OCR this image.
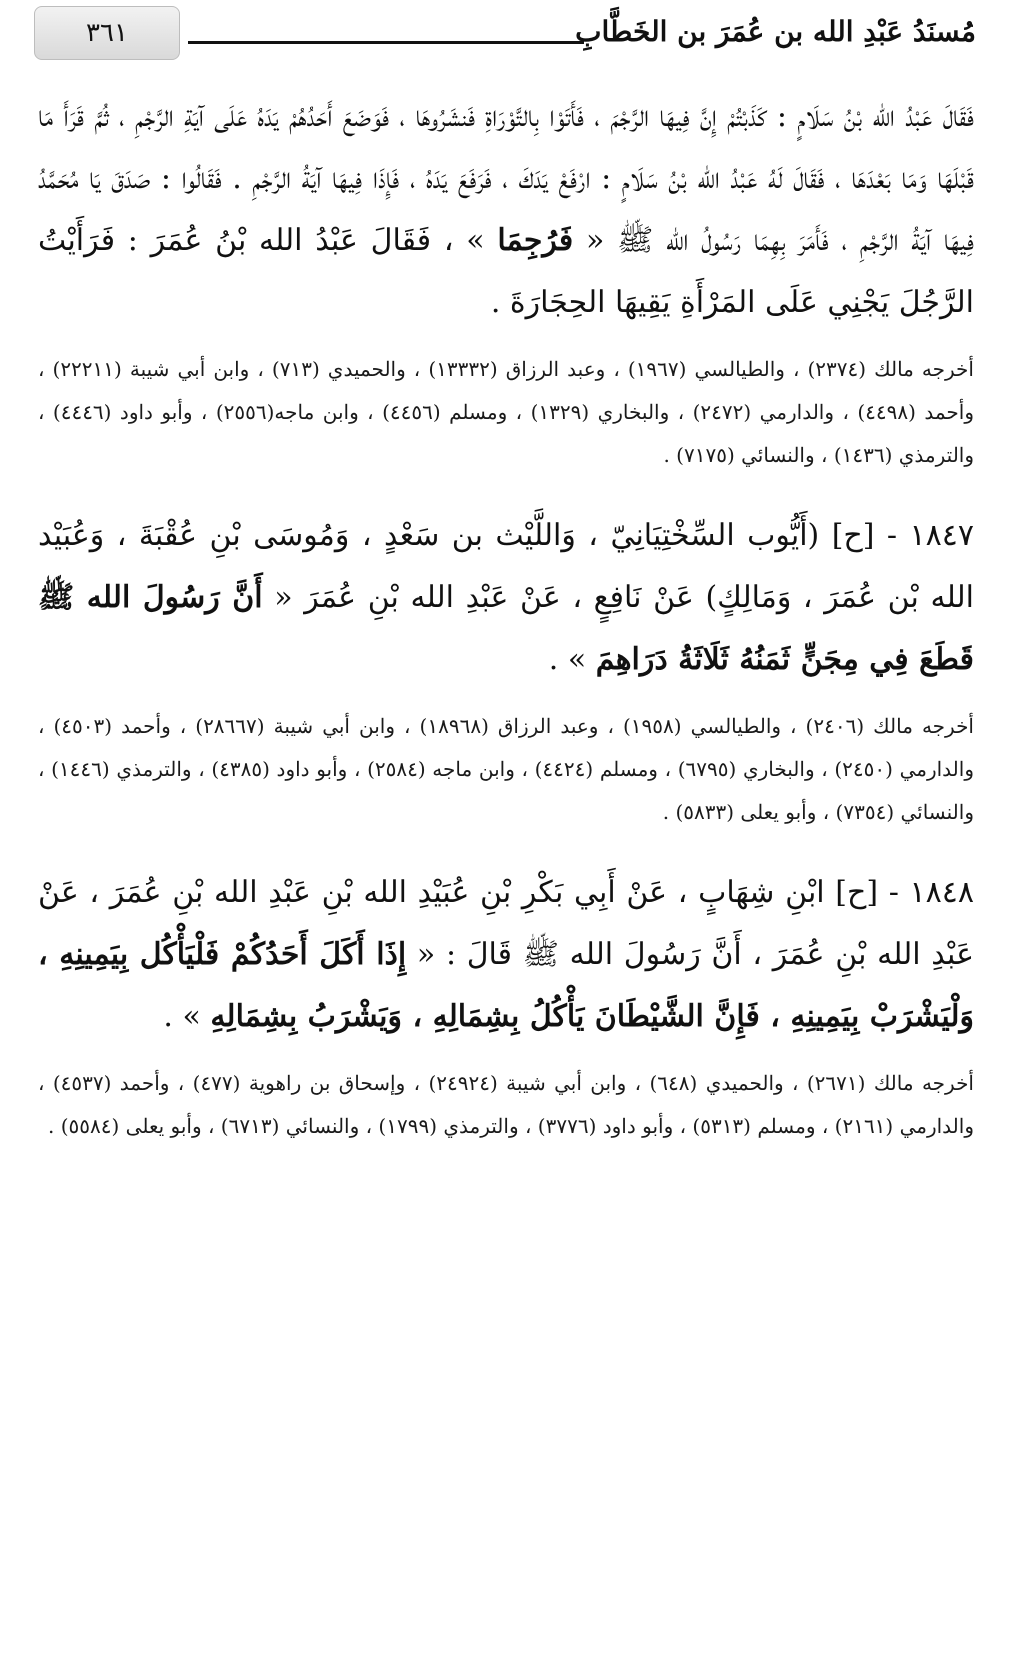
مُسنَدُ عَبْدِ الله بن عُمَرَ بن الخَطَّابِ
٣٦١

فَقَالَ عَبْدُ الله بْنُ سَلَامٍ : كَذَبْتُمْ إِنَّ فِيهَا الرَّجْمَ ، فَأَتَوْا بِالتَّوْرَاةِ فَنشَرُوهَا ، فَوَضَعَ أَحَدُهُمْ يَدَهُ عَلَى آيَةِ الرَّجْمِ ، ثُمَّ قَرَأَ مَا قَبْلَهَا وَمَا بَعْدَهَا ، فَقَالَ لَهُ عَبْدُ الله بْنُ سَلَامٍ : ارْفَعْ يَدَكَ ، فَرَفَعَ يَدَهُ ، فَإِذَا فِيهَا آيَةُ الرَّجْمِ . فَقَالُوا : صَدَقَ يَا مُحَمَّدُ فِيهَا آيَةُ الرَّجْمِ ، فَأَمَرَ بِهِمَا رَسُولُ الله ﷺ « فَرُجِمَا » ، فَقَالَ عَبْدُ الله بْنُ عُمَرَ : فَرَأَيْتُ الرَّجُلَ يَجْنِي عَلَى المَرْأَةِ يَقِيهَا الحِجَارَةَ .

أخرجه مالك (٢٣٧٤) ، والطيالسي (١٩٦٧) ، وعبد الرزاق (١٣٣٣٢) ، والحميدي (٧١٣) ، وابن أبي شيبة (٢٢٢١١) ، وأحمد (٤٤٩٨) ، والدارمي (٢٤٧٢) ، والبخاري (١٣٢٩) ، ومسلم (٤٤٥٦) ، وابن ماجه(٢٥٥٦) ، وأبو داود (٤٤٤٦) ، والترمذي (١٤٣٦) ، والنسائي (٧١٧٥) .

١٨٤٧ - [ح] (أَيُّوب السِّخْتِيَانِيّ ، وَاللَّيْث بن سَعْدٍ ، وَمُوسَى بْنِ عُقْبَةَ ، وَعُبَيْد الله بْن عُمَرَ ، وَمَالِكٍ) عَنْ نَافِعٍ ، عَنْ عَبْدِ الله بْنِ عُمَرَ « أَنَّ رَسُولَ الله ﷺ قَطَعَ فِي مِجَنٍّ ثَمَنُهُ ثَلَاثَةُ دَرَاهِمَ » .

أخرجه مالك (٢٤٠٦) ، والطيالسي (١٩٥٨) ، وعبد الرزاق (١٨٩٦٨) ، وابن أبي شيبة (٢٨٦٦٧) ، وأحمد (٤٥٠٣) ، والدارمي (٢٤٥٠) ، والبخاري (٦٧٩٥) ، ومسلم (٤٤٢٤) ، وابن ماجه (٢٥٨٤) ، وأبو داود (٤٣٨٥) ، والترمذي (١٤٤٦) ، والنسائي (٧٣٥٤) ، وأبو يعلى (٥٨٣٣) .

١٨٤٨ - [ح] ابْنِ شِهَابٍ ، عَنْ أَبِي بَكْرِ بْنِ عُبَيْدِ الله بْنِ عَبْدِ الله بْنِ عُمَرَ ، عَنْ عَبْدِ الله بْنِ عُمَرَ ، أَنَّ رَسُولَ الله ﷺ قَالَ : « إِذَا أَكَلَ أَحَدُكُمْ فَلْيَأْكُل بِيَمِينِهِ ، وَلْيَشْرَبْ بِيَمِينِهِ ، فَإِنَّ الشَّيْطَانَ يَأْكُلُ بِشِمَالِهِ ، وَيَشْرَبُ بِشِمَالِهِ » .

أخرجه مالك (٢٦٧١) ، والحميدي (٦٤٨) ، وابن أبي شيبة (٢٤٩٢٤) ، وإسحاق بن راهوية (٤٧٧) ، وأحمد (٤٥٣٧) ، والدارمي (٢١٦١) ، ومسلم (٥٣١٣) ، وأبو داود (٣٧٧٦) ، والترمذي (١٧٩٩) ، والنسائي (٦٧١٣) ، وأبو يعلى (٥٥٨٤) .
